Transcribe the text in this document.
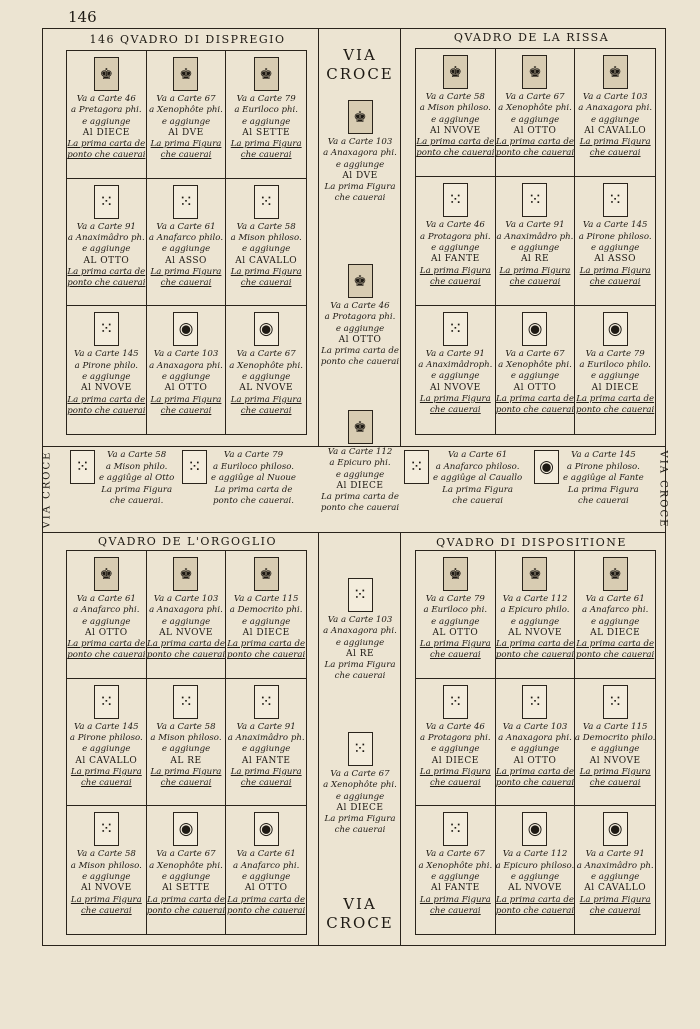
146
146 QVADRO DI DISPREGIO	QVADRO DE LA RISSA
QVADRO DE L'ORGOGLIO	QVADRO DI DISPOSITIONE
♚
Va a Carte 46
a Pretagora phi.
e aggiunge
Al DIECE
La prima carta de
ponto che cauerai
♚
Va a Carte 67
a Xenophôte phi.
e aggiunge
Al DVE
La prima Figura
che cauerai
♚
Va a Carte 79
a Euriloco phi.
e aggiunge
Al SETTE
La prima Figura
che cauerai
⁙
Va a Carte 91
a Anaximâdro ph.
e aggiunge
AL OTTO
La prima carta de
ponto che cauerai
⁙
Va a Carte 61
a Anafarco philo.
e aggiunge
Al ASSO
La prima Figura
che cauerai
⁙
Va a Carte 58
a Mison philoso.
e aggiunge
Al CAVALLO
La prima Figura
che cauerai
⁙
Va a Carte 145
a Pirone philo.
e aggiunge
Al NVOVE
La prima carta de
ponto che cauerai
◉
Va a Carte 103
a Anaxagora phi.
e aggiunge
Al OTTO
La prima Figura
che cauerai
◉
Va a Carte 67
a Xenophôte phi.
e aggiunge
AL NVOVE
La prima Figura
che cauerai
♚
Va a Carte 58
a Mison philoso.
e aggiunge
Al NVOVE
La prima carta de
ponto che cauerai
♚
Va a Carte 67
a Xenophôte phi.
e aggiunge
Al OTTO
La prima carta de
ponto che cauerai
♚
Va a Carte 103
a Anaxagora phi.
e aggiunge
Al CAVALLO
La prima Figura
che cauerai
⁙
Va a Carte 46
a Protagora phi.
e aggiunge
Al FANTE
La prima Figura
che cauerai
⁙
Va a Carte 91
a Anaximâdro ph.
e aggiunge
Al RE
La prima Figura
che cauerai
⁙
Va a Carte 145
a Pirone philoso.
e aggiunge
Al ASSO
La prima Figura
che cauerai
⁙
Va a Carte 91
a Anaximâdroph.
e aggiunge
Al NVOVE
La prima Figura
che cauerai
◉
Va a Carte 67
a Xenophôte phi.
e aggiunge
Al OTTO
La prima carta de
ponto che cauerai
◉
Va a Carte 79
a Euriloco philo.
e aggiunge
Al DIECE
La prima carta de
ponto che cauerai
♚
Va a Carte 61
a Anafarco phi.
e aggiunge
Al OTTO
La prima carta de
ponto che cauerai
♚
Va a Carte 103
a Anaxagora phi.
e aggiunge
AL NVOVE
La prima carta de
ponto che cauerai
♚
Va a Carte 115
a Democrito phi.
e aggiunge
Al DIECE
La prima carta de
ponto che cauerai
⁙
Va a Carte 145
a Pirone philoso.
e aggiunge
Al CAVALLO
La prima Figura
che cauerai
⁙
Va a Carte 58
a Mison philoso.
e aggiunge
AL RE
La prima Figura
che cauerai
⁙
Va a Carte 91
a Anaximâdro ph.
e aggiunge
Al FANTE
La prima Figura
che cauerai
⁙
Va a Carte 58
a Mison philoso.
e aggiunge
Al NVOVE
La prima Figura
che cauerai
◉
Va a Carte 67
a Xenophôte phi.
e aggiunge
Al SETTE
La prima carta de
ponto che cauerai
◉
Va a Carte 61
a Anafarco phi.
e aggiunge
Al OTTO
La prima carta de
ponto che cauerai
♚
Va a Carte 79
a Euriloco phi.
e aggiunge
AL OTTO
La prima Figura
che cauerai
♚
Va a Carte 112
a Epicuro philo.
e aggiunge
AL NVOVE
La prima carta de
ponto che cauerai
♚
Va a Carte 61
a Anafarco phi.
e aggiunge
AL DIECE
La prima carta de
ponto che cauerai
⁙
Va a Carte 46
a Protagora phi.
e aggiunge
Al DIECE
La prima Figura
che cauerai
⁙
Va a Carte 103
a Anaxagora phi.
e aggiunge
Al OTTO
La prima carta de
ponto che cauerai
⁙
Va a Carte 115
a Democrito philo.
e aggiunge
Al NVOVE
La prima Figura
che cauerai
⁙
Va a Carte 67
a Xenophôte phi.
e aggiunge
Al FANTE
La prima Figura
che cauerai
◉
Va a Carte 112
a Epicuro philoso.
e aggiunge
AL NVOVE
La prima carta de
ponto che cauerai
◉
Va a Carte 91
a Anaximâdro ph.
e aggiunge
Al CAVALLO
La prima Figura
che cauerai
VIA
CROCE
VIA
CROCE
VIA CROCE	VIA CROCE
♚
Va a Carte 103
a Anaxagora phi.
e aggiunge
Al DVE
La prima Figura
che cauerai
♚
Va a Carte 46
a Protagora phi.
e aggiunge
Al OTTO
La prima carta de
ponto che cauerai
♚
Va a Carte 112
a Epicuro phi.
e aggiunge
Al DIECE
La prima carta de
ponto che cauerai
⁙
Va a Carte 103
a Anaxagora phi.
e aggiunge
Al RE
La prima Figura
che cauerai
⁙
Va a Carte 67
a Xenophôte phi.
e aggiunge
Al DIECE
La prima Figura
che cauerai
⁙
Va a Carte 58
a Mison philo.
e aggiûge al Otto
La prima Figura
che cauerai.
⁙
Va a Carte 79
a Euriloco philoso.
e aggiûge al Nuoue
La prima carta de
ponto che cauerai.
⁙
Va a Carte 61
a Anafarco philoso.
e aggiûge al Cauallo
La prima Figura
che cauerai
◉
Va a Carte 145
a Pirone philoso.
e aggiûge al Fante
La prima Figura
che cauerai
